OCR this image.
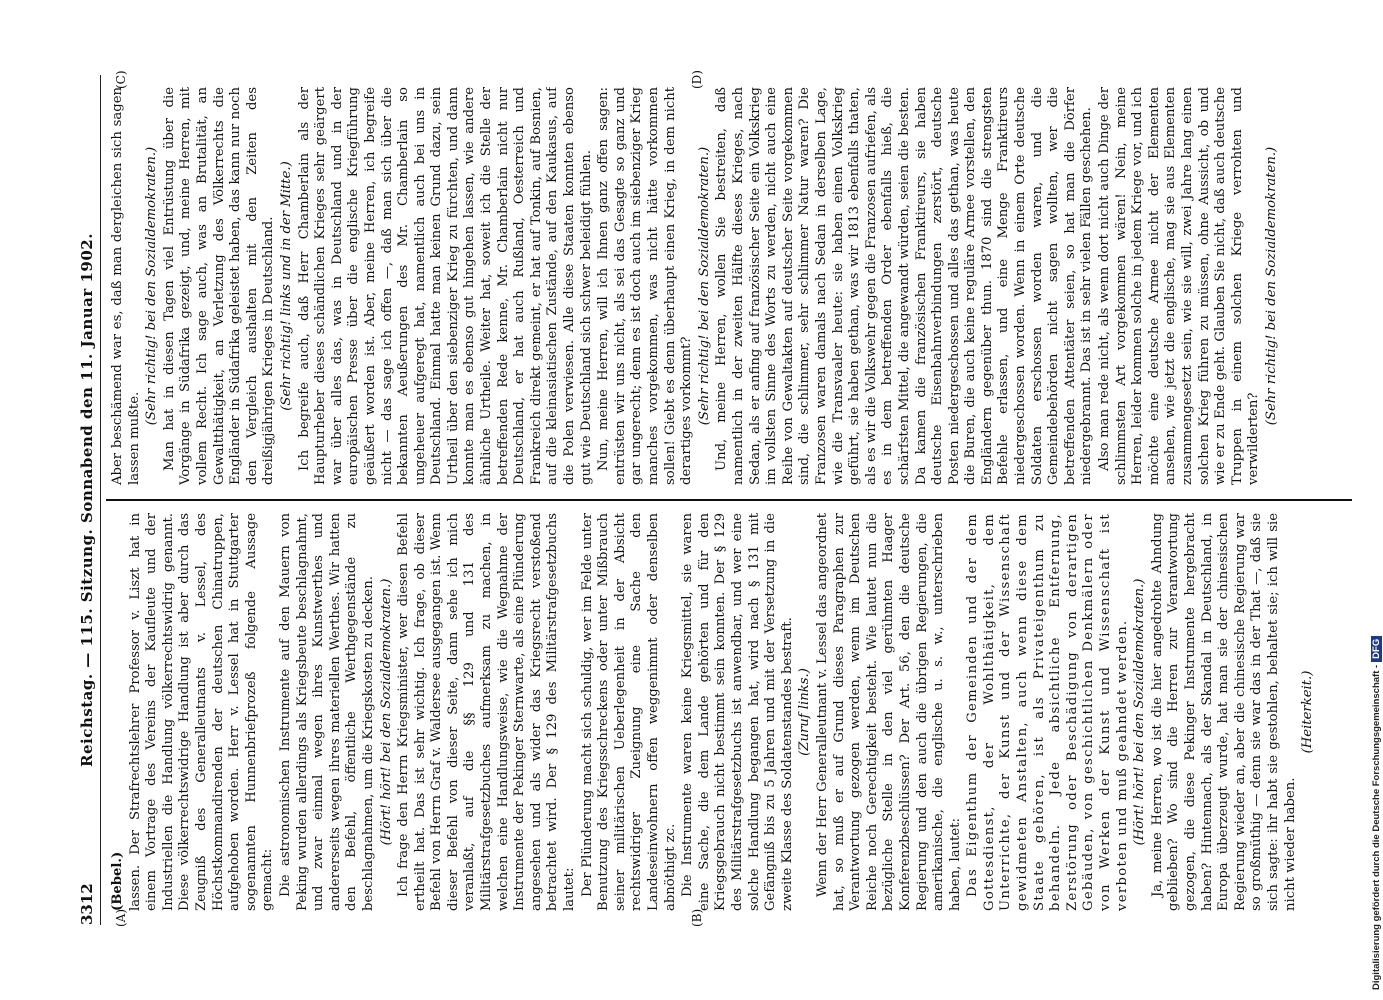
3312
Reichstag. — 115. Sitzung. Sonnabend den 11. Januar 1902.
(A)	(B)
(C)	(D)

(Bebel.) lassen. Der Strafrechtslehrer Professor v. Liszt hat in einem Vortrage des Vereins der Kaufleute und der Industriellen die Handlung völkerrechtswidrig genannt. Diese völkerrechtswidrige Handlung ist aber durch das Zeugniß des Generalleutnants v. Lessel, des Höchstkommandirenden der deutschen Chinatruppen, aufgehoben worden. Herr v. Lessel hat in Stuttgarter sogenannten Hunnenbriefprozeß folgende Aussage gemacht: Die astronomischen Instrumente auf den Mauern von Peking wurden allerdings als Kriegsbeute beschlagnahmt, und zwar einmal wegen ihres Kunstwerthes und andererseits wegen ihres materiellen Werthes. Wir hatten den Befehl, öffentliche Werthgegenstände zu beschlagnahmen, um die Kriegskosten zu decken. (Hört! hört! bei den Sozialdemokraten.) Ich frage den Herrn Kriegsminister, wer diesen Befehl ertheilt hat. Das ist sehr wichtig. Ich frage, ob dieser Befehl von Herrn Graf v. Waldersee ausgegangen ist. Wenn dieser Befehl von dieser Seite, dann sehe ich mich veranlaßt, auf die §§ 129 und 131 des Militärstrafgesetzbuches aufmerksam zu machen, in welchen eine Handlungsweise, wie die Wegnahme der Instrumente der Pekinger Sternwarte, als eine Plünderung angesehen und als wider das Kriegsrecht verstoßend betrachtet wird. Der § 129 des Militärstrafgesetzbuchs lautet: Der Plünderung macht sich schuldig, wer im Felde unter Benutzung des Kriegsschreckens oder unter Mißbrauch seiner militärischen Ueberlegenheit in der Absicht rechtswidriger Zueignung eine Sache den Landeseinwohnern offen weggenimmt oder denselben abnöthigt zc. Die Instrumente waren keine Kriegsmittel, sie waren eine Sache, die dem Lande gehörten und für den Kriegsgebrauch nicht bestimmt sein konnten. Der § 129 des Militärstrafgesetzbuchs ist anwendbar, und wer eine solche Handlung begangen hat, wird nach § 131 mit Gefängniß bis zu 5 Jahren und mit der Versetzung in die zweite Klasse des Soldatenstandes bestraft. (Zuruf links.) Wenn der Herr Generalleutnant v. Lessel das angeordnet hat, so muß er auf Grund dieses Paragraphen zur Verantwortung gezogen werden, wenn im Deutschen Reiche noch Gerechtigkeit besteht. Wie lautet nun die bezügliche Stelle in den viel gerühmten Haager Konferenzbeschlüssen? Der Art. 56, den die deutsche Regierung und den auch die übrigen Regierungen, die amerikanische, die englische u. s. w., unterschrieben haben, lautet: Das Eigenthum der Gemeinden und der dem Gottesdienst, der Wohlthätigkeit, dem Unterrichte, der Kunst und der Wissenschaft gewidmeten Anstalten, auch wenn diese dem Staate gehören, ist als Privateigenthum zu behandeln. Jede absichtliche Entfernung, Zerstörung oder Beschädigung von derartigen Gebäuden, von geschichtlichen Denkmälern oder von Werken der Kunst und Wissenschaft ist verboten und muß geahndet werden. (Hört! hört! bei den Sozialdemokraten.) Ja, meine Herren, wo ist die hier angedrohte Ahndung geblieben? Wo sind die Herren zur Verantwortung gezogen, die diese Pekinger Instrumente hergebracht haben? Hintennach, als der Skandal in Deutschland, in Europa überzeugt wurde, hat man sie der chinesischen Regierung wieder an, aber die chinesische Regierung war so großmüthig — denn sie war das in der That —, daß sie sich sagte: ihr habt sie gestohlen, behaltet sie; ich will sie nicht wieder haben.

(Heiterkeit.)

Aber beschämend war es, daß man dergleichen sich sagen lassen mußte.

(Sehr richtig! bei den Sozialdemokraten.) Man hat in diesen Tagen viel Entrüstung über die Vorgänge in Südafrika gezeigt, und, meine Herren, mit vollem Recht. Ich sage auch, was an Brutalität, an Gewaltthätigkeit, an Verletzung des Völkerrechts die Engländer in Südafrika geleistet haben, das kann nur noch den Vergleich aushalten mit den Zeiten des dreißigjährigen Krieges in Deutschland. (Sehr richtig! links und in der Mitte.) Ich begreife auch, daß Herr Chamberlain als der Haupturheber dieses schändlichen Krieges sehr geärgert war über alles das, was in Deutschland und in der europäischen Presse über die englische Kriegführung geäußert worden ist. Aber, meine Herren, ich begreife nicht — das sage ich offen —, daß man sich über die bekannten Aeußerungen des Mr. Chamberlain so ungeheuer aufgeregt hat, namentlich auch bei uns in Deutschland. Einmal hatte man keinen Grund dazu, sein Urtheil über den siebenziger Krieg zu fürchten, und dann konnte man es ebenso gut hingehen lassen, wie andere ähnliche Urtheile. Weiter hat, soweit ich die Stelle der betreffenden Rede kenne, Mr. Chamberlain nicht nur Deutschland, er hat auch Rußland, Oesterreich und Frankreich direkt gemeint, er hat auf Tonkin, auf Bosnien, auf die kleinasiatischen Zustände, auf den Kaukasus, auf die Polen verwiesen. Alle diese Staaten konnten ebenso gut wie Deutschland sich schwer beleidigt fühlen. Nun, meine Herren, will ich Ihnen ganz offen sagen: entrüsten wir uns nicht, als sei das Gesagte so ganz und gar ungerecht; denn es ist doch auch im siebenziger Krieg manches vorgekommen, was nicht hätte vorkommen sollen! Giebt es denn überhaupt einen Krieg, in dem nicht derartiges vorkommt? (Sehr richtig! bei den Sozialdemokraten.) Und, meine Herren, wollen Sie bestreiten, daß namentlich in der zweiten Hälfte dieses Krieges, nach Sedan, als er anfing auf französischer Seite ein Volkskrieg im vollsten Sinne des Worts zu werden, nicht auch eine Reihe von Gewaltakten auf deutscher Seite vorgekommen sind, die schlimmer, sehr schlimmer Natur waren? Die Franzosen waren damals nach Sedan in derselben Lage, wie die Transvaaler heute: sie haben einen Volkskrieg geführt, sie haben gethan, was wir 1813 ebenfalls thaten, als es wir die Volkswehr gegen die Franzosen aufriefen, als es in dem betreffenden Order ebenfalls hieß, die schärfsten Mittel, die angewandt würden, seien die besten. Da kamen die französischen Franktireurs, sie haben deutsche Eisenbahnverbindungen zerstört, deutsche Posten niedergeschossen und alles das gethan, was heute die Buren, die auch keine reguläre Armee vorstellen, den Engländern gegenüber thun. 1870 sind die strengsten Befehle erlassen, und eine Menge Franktireurs niedergeschossen worden. Wenn in einem Orte deutsche Soldaten erschossen worden waren, und die Gemeindebehörden nicht sagen wollten, wer die betreffenden Attentäter seien, so hat man die Dörfer niedergebrannt. Das ist in sehr vielen Fällen geschehen. Also man rede nicht, als wenn dort nicht auch Dinge der schlimmsten Art vorgekommen wären! Nein, meine Herren, leider kommen solche in jedem Kriege vor, und ich möchte eine deutsche Armee nicht der Elementen ansehen, wie jetzt die englische, mag sie aus Elementen zusammengesetzt sein, wie sie will, zwei Jahre lang einen solchen Krieg führen zu müssen, ohne Aussicht, ob und wie er zu Ende geht. Glauben Sie nicht, daß auch deutsche Truppen in einem solchen Kriege verrohten und verwilderten?

(Sehr richtig! bei den Sozialdemokraten.)

Digitalisierung gefördert durch die Deutsche Forschungsgemeinschaft -DFG
